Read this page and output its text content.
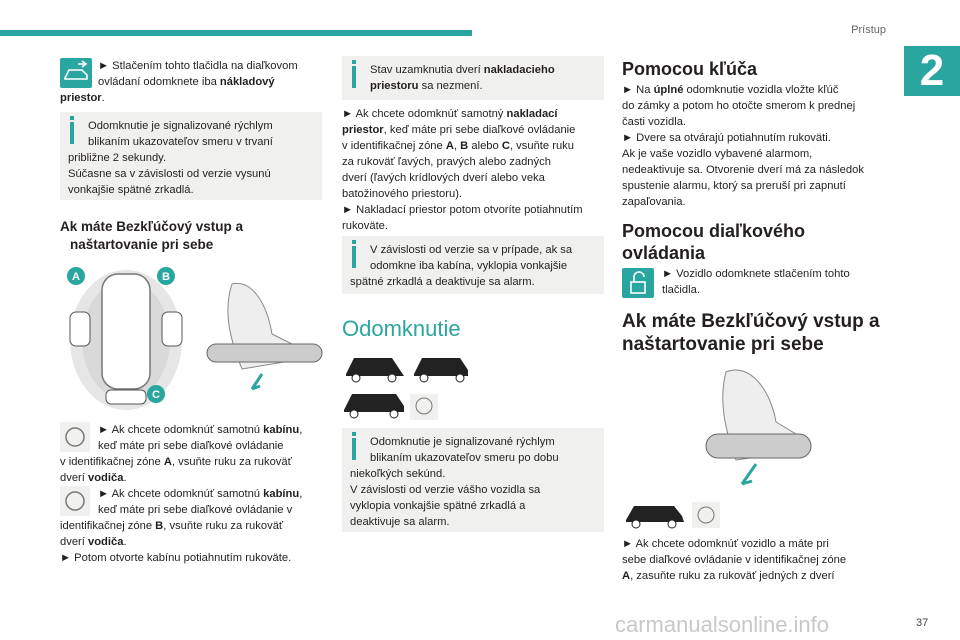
Prístup
2
► Stlačením tohto tlačidla na diaľkovom
ovládaní odomknete iba nákladový
priestor.
Odomknutie je signalizované rýchlym
blikaním ukazovateľov smeru v trvaní
približne 2 sekundy.
Súčasne sa v závislosti od verzie vysunú
vonkajšie spätné zrkadlá.
Ak máte Bezkľúčový vstup a
naštartovanie pri sebe
A	B
C
► Ak chcete odomknúť samotnú kabínu,
keď máte pri sebe diaľkové ovládanie
v identifikačnej zóne A, vsuňte ruku za rukoväť
dverí vodiča.
► Ak chcete odomknúť samotnú kabínu,
keď máte pri sebe diaľkové ovládanie v
identifikačnej zóne B, vsuňte ruku za rukoväť
dverí vodiča.
► Potom otvorte kabínu potiahnutím rukoväte.
Stav uzamknutia dverí nakladacieho
priestoru sa nezmení.
► Ak chcete odomknúť samotný nakladací
priestor, keď máte pri sebe diaľkové ovládanie
v identifikačnej zóne A, B alebo C, vsuňte ruku
za rukoväť ľavých, pravých alebo zadných
dverí (ľavých krídlových dverí alebo veka
batožinového priestoru).
► Nakladací priestor potom otvoríte potiahnutím
rukoväte.
V závislosti od verzie sa v prípade, ak sa
odomkne iba kabína, vyklopia vonkajšie
spätné zrkadlá a deaktivuje sa alarm.
Odomknutie
Odomknutie je signalizované rýchlym
blikaním ukazovateľov smeru po dobu
niekoľkých sekúnd.
V závislosti od verzie vášho vozidla sa
vyklopia vonkajšie spätné zrkadlá a
deaktivuje sa alarm.
Pomocou kľúča
► Na úplné odomknutie vozidla vložte kľúč
do zámky a potom ho otočte smerom k prednej
časti vozidla.
► Dvere sa otvárajú potiahnutím rukoväti.
Ak je vaše vozidlo vybavené alarmom,
nedeaktivuje sa. Otvorenie dverí má za následok
spustenie alarmu, ktorý sa preruší pri zapnutí
zapaľovania.
Pomocou diaľkového
ovládania
► Vozidlo odomknete stlačením tohto
tlačidla.
Ak máte Bezkľúčový vstup a
naštartovanie pri sebe
► Ak chcete odomknúť vozidlo a máte pri
sebe diaľkové ovládanie v identifikačnej zóne
A, zasuňte ruku za rukoväť jedných z dverí
carmanualsonline.info	37
